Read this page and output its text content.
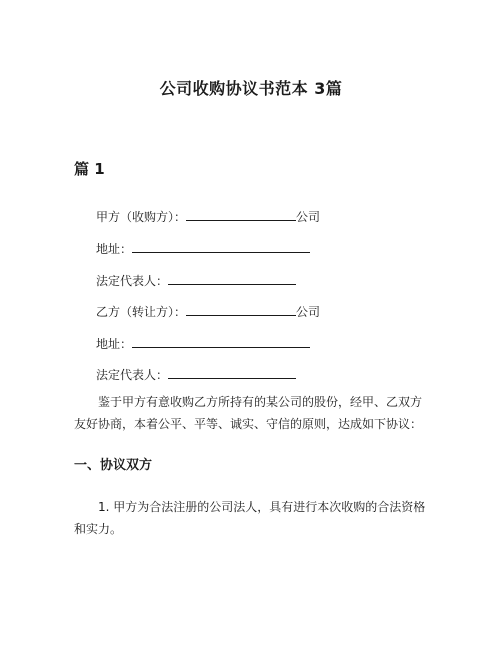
公司收购协议书范本 3篇
篇 1
甲方（收购方）：	公司
地址：
法定代表人：
乙方（转让方）：	公司
地址：
法定代表人：

鉴于甲方有意收购乙方所持有的某公司的股份，经甲、乙双方友好协商，本着公平、平等、诚实、守信的原则，达成如下协议：

一、协议双方

1. 甲方为合法注册的公司法人，具有进行本次收购的合法资格和实力。
